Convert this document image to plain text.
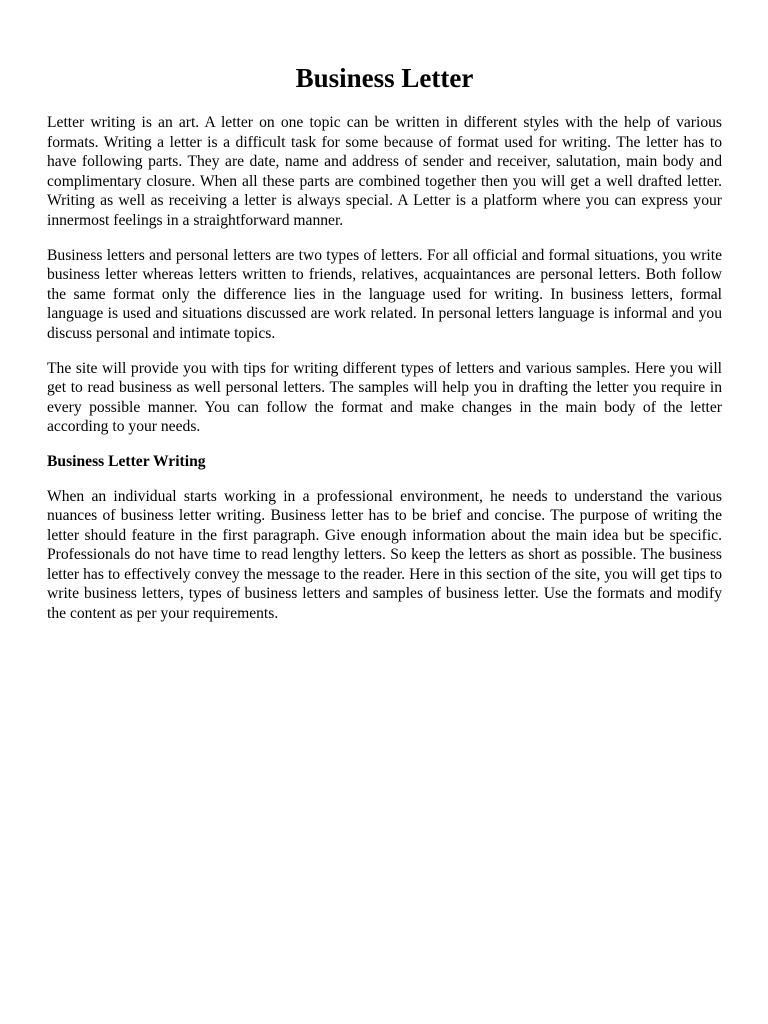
Business Letter

Letter writing is an art. A letter on one topic can be written in different styles with the help of various formats. Writing a letter is a difficult task for some because of format used for writing. The letter has to have following parts. They are date, name and address of sender and receiver, salutation, main body and complimentary closure. When all these parts are combined together then you will get a well drafted letter. Writing as well as receiving a letter is always special. A Letter is a platform where you can express your innermost feelings in a straightforward manner.

Business letters and personal letters are two types of letters. For all official and formal situations, you write business letter whereas letters written to friends, relatives, acquaintances are personal letters. Both follow the same format only the difference lies in the language used for writing. In business letters, formal language is used and situations discussed are work related. In personal letters language is informal and you discuss personal and intimate topics.

The site will provide you with tips for writing different types of letters and various samples. Here you will get to read business as well personal letters. The samples will help you in drafting the letter you require in every possible manner. You can follow the format and make changes in the main body of the letter according to your needs.

Business Letter Writing

When an individual starts working in a professional environment, he needs to understand the various nuances of business letter writing. Business letter has to be brief and concise. The purpose of writing the letter should feature in the first paragraph. Give enough information about the main idea but be specific. Professionals do not have time to read lengthy letters. So keep the letters as short as possible. The business letter has to effectively convey the message to the reader. Here in this section of the site, you will get tips to write business letters, types of business letters and samples of business letter. Use the formats and modify the content as per your requirements.
